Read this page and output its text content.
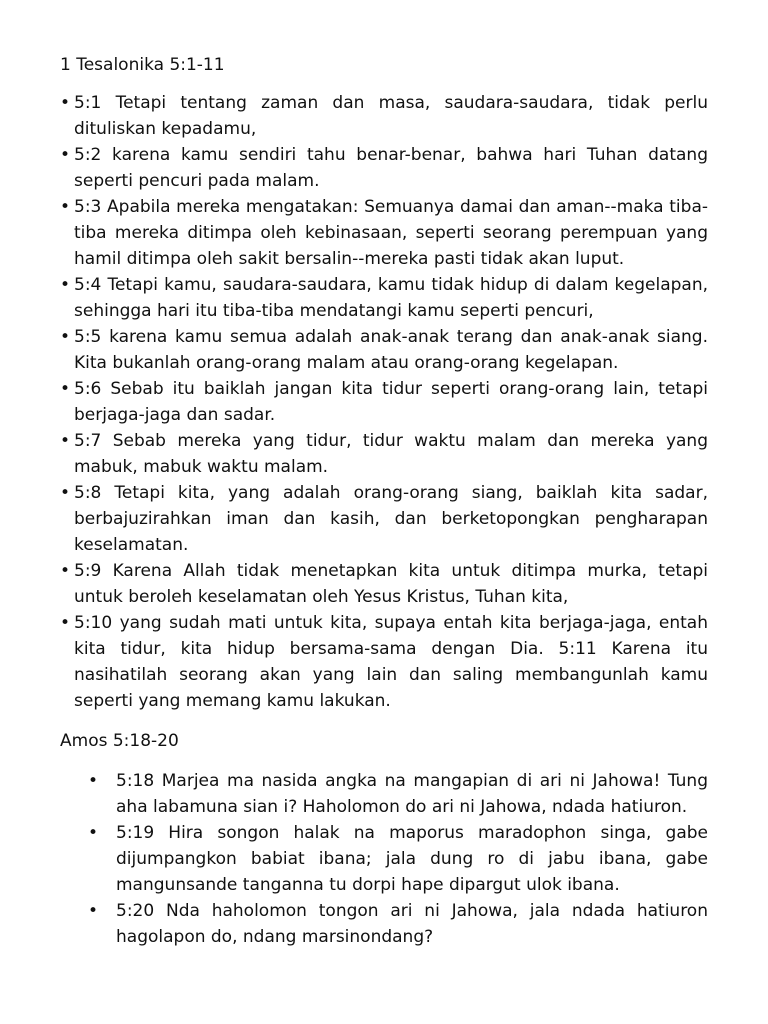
1 Tesalonika 5:1-11

• 5:1 Tetapi tentang zaman dan masa, saudara-saudara, tidak perlu dituliskan kepadamu,
• 5:2 karena kamu sendiri tahu benar-benar, bahwa hari Tuhan datang seperti pencuri pada malam.
• 5:3 Apabila mereka mengatakan: Semuanya damai dan aman--maka tiba-tiba mereka ditimpa oleh kebinasaan, seperti seorang perempuan yang hamil ditimpa oleh sakit bersalin--mereka pasti tidak akan luput.
• 5:4 Tetapi kamu, saudara-saudara, kamu tidak hidup di dalam kegelapan, sehingga hari itu tiba-tiba mendatangi kamu seperti pencuri,
• 5:5 karena kamu semua adalah anak-anak terang dan anak-anak siang. Kita bukanlah orang-orang malam atau orang-orang kegelapan.
• 5:6 Sebab itu baiklah jangan kita tidur seperti orang-orang lain, tetapi berjaga-jaga dan sadar.
• 5:7 Sebab mereka yang tidur, tidur waktu malam dan mereka yang mabuk, mabuk waktu malam.
• 5:8 Tetapi kita, yang adalah orang-orang siang, baiklah kita sadar, berbajuzirahkan iman dan kasih, dan berketopongkan pengharapan keselamatan.
• 5:9 Karena Allah tidak menetapkan kita untuk ditimpa murka, tetapi untuk beroleh keselamatan oleh Yesus Kristus, Tuhan kita,
• 5:10 yang sudah mati untuk kita, supaya entah kita berjaga-jaga, entah kita tidur, kita hidup bersama-sama dengan Dia. 5:11 Karena itu nasihatilah seorang akan yang lain dan saling membangunlah kamu seperti yang memang kamu lakukan.

Amos 5:18-20

• 5:18 Marjea ma nasida angka na mangapian di ari ni Jahowa! Tung aha labamuna sian i? Haholomon do ari ni Jahowa, ndada hatiuron.
• 5:19 Hira songon halak na maporus maradophon singa, gabe dijumpangkon babiat ibana; jala dung ro di jabu ibana, gabe mangunsande tanganna tu dorpi hape dipargut ulok ibana.
• 5:20 Nda haholomon tongon ari ni Jahowa, jala ndada hatiuron hagolapon do, ndang marsinondang?
